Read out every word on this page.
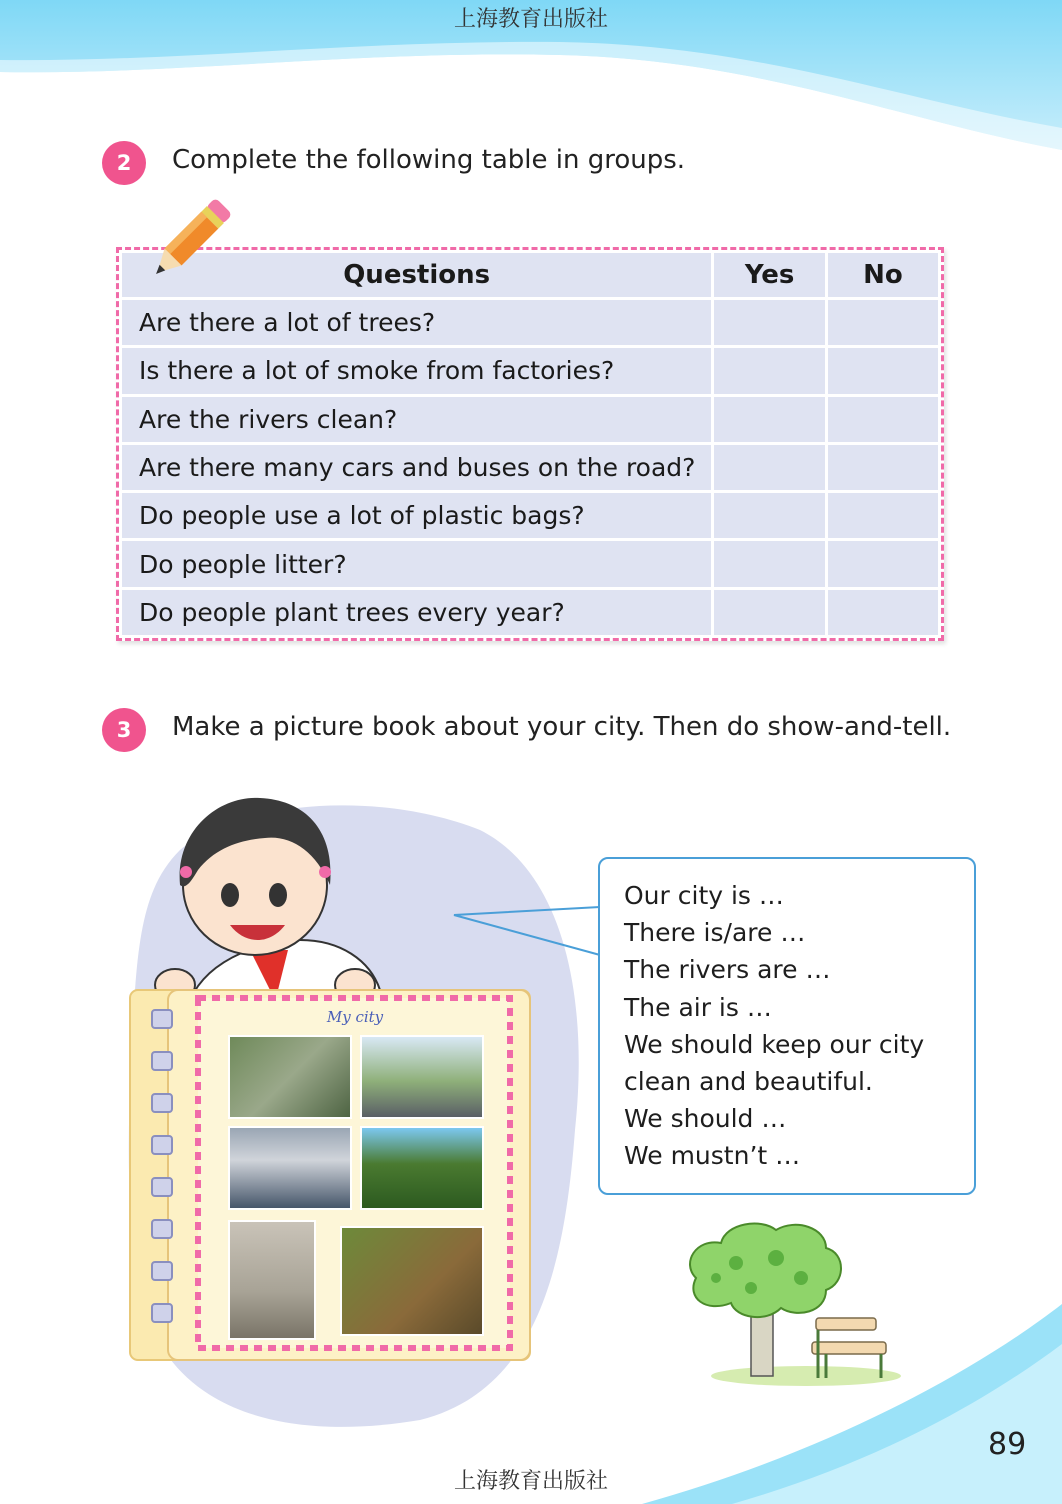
上海教育出版社
2	Complete the following table in groups.
Questions	Yes	No
Are there a lot of trees?		
Is there a lot of smoke from factories?		
Are the rivers clean?		
Are there many cars and buses on the road?		
Do people use a lot of plastic bags?		
Do people litter?		
Do people plant trees every year?		
3	Make a picture book about your city. Then do show-and-tell.
My city
Our city is …
There is/are …
The rivers are …
The air is …
We should keep our city
clean and beautiful.
We should …
We mustn’t …
89
上海教育出版社
